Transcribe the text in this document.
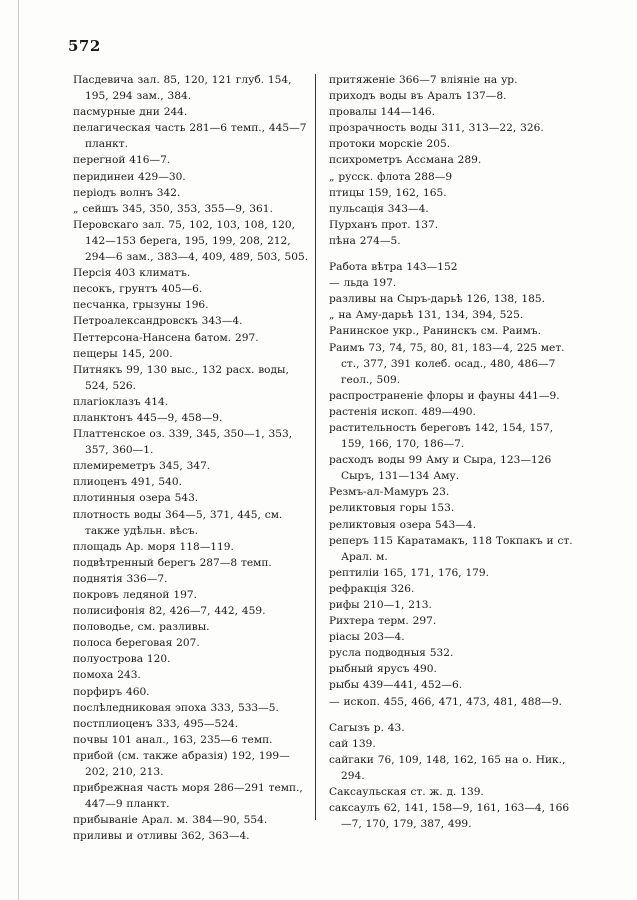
572
Пасдевича зал. 85, 120, 121 глуб. 154, 195, 294 зам., 384.
пасмурные дни 244.
пелагическая часть 281—6 темп., 445—7 планкт.
перегной 416—7.
перидинеи 429—30.
періодъ волнъ 342.
„ сейшъ 345, 350, 353, 355—9, 361.
Перовскаго зал. 75, 102, 103, 108, 120, 142—153 берега, 195, 199, 208, 212, 294—6 зам., 383—4, 409, 489, 503, 505.
Персія 403 климатъ.
песокъ, грунтъ 405—6.
песчанка, грызуны 196.
Петроалександровскъ 343—4.
Петтерсона-Нансена батом. 297.
пещеры 145, 200.
Питнякъ 99, 130 выс., 132 расх. воды, 524, 526.
плагіоклазъ 414.
планктонъ 445—9, 458—9.
Платтенское оз. 339, 345, 350—1, 353, 357, 360—1.
племиреметръ 345, 347.
плиоценъ 491, 540.
плотинныя озера 543.
плотность воды 364—5, 371, 445, см. также удѣльн. вѣсъ.
площадь Ар. моря 118—119.
подвѣтренный берегъ 287—8 темп.
поднятія 336—7.
покровъ ледяной 197.
полисифонія 82, 426—7, 442, 459.
половодье, см. разливы.
полоса береговая 207.
полуострова 120.
помоха 243.
порфиръ 460.
послѣледниковая эпоха 333, 533—5.
постплиоценъ 333, 495—524.
почвы 101 анал., 163, 235—6 темп.
прибой (см. также абразія) 192, 199—202, 210, 213.
прибрежная часть моря 286—291 темп., 447—9 планкт.
прибываніе Арал. м. 384—90, 554.
приливы и отливы 362, 363—4.
притяженіе 366—7 вліяніе на ур.
приходъ воды въ Аралъ 137—8.
провалы 144—146.
прозрачность воды 311, 313—22, 326.
протоки морскіе 205.
психрометръ Ассмана 289.
„ русск. флота 288—9
птицы 159, 162, 165.
пульсація 343—4.
Пурханъ прот. 137.
пѣна 274—5.
Работа вѣтра 143—152
— льда 197.
разливы на Сыръ-дарьѣ 126, 138, 185.
„ на Аму-дарьѣ 131, 134, 394, 525.
Ранинское укр., Ранинскъ см. Раимъ.
Раимъ 73, 74, 75, 80, 81, 183—4, 225 мет. ст., 377, 391 колеб. осад., 480, 486—7 геол., 509.
распространеніе флоры и фауны 441—9.
растенія ископ. 489—490.
растительность береговъ 142, 154, 157, 159, 166, 170, 186—7.
расходъ воды 99 Аму и Сыра, 123—126 Сыръ, 131—134 Аму.
Резмъ-ал-Мамуръ 23.
реликтовыя горы 153.
реликтовыя озера 543—4.
реперъ 115 Каратамакъ, 118 Токпакъ и ст. Арал. м.
рептиліи 165, 171, 176, 179.
рефракція 326.
рифы 210—1, 213.
Рихтера терм. 297.
ріасы 203—4.
русла подводныя 532.
рыбный ярусъ 490.
рыбы 439—441, 452—6.
— ископ. 455, 466, 471, 473, 481, 488—9.
Сагызъ р. 43.
сай 139.
сайгаки 76, 109, 148, 162, 165 на о. Ник., 294.
Саксаульская ст. ж. д. 139.
саксаулъ 62, 141, 158—9, 161, 163—4, 166—7, 170, 179, 387, 499.
